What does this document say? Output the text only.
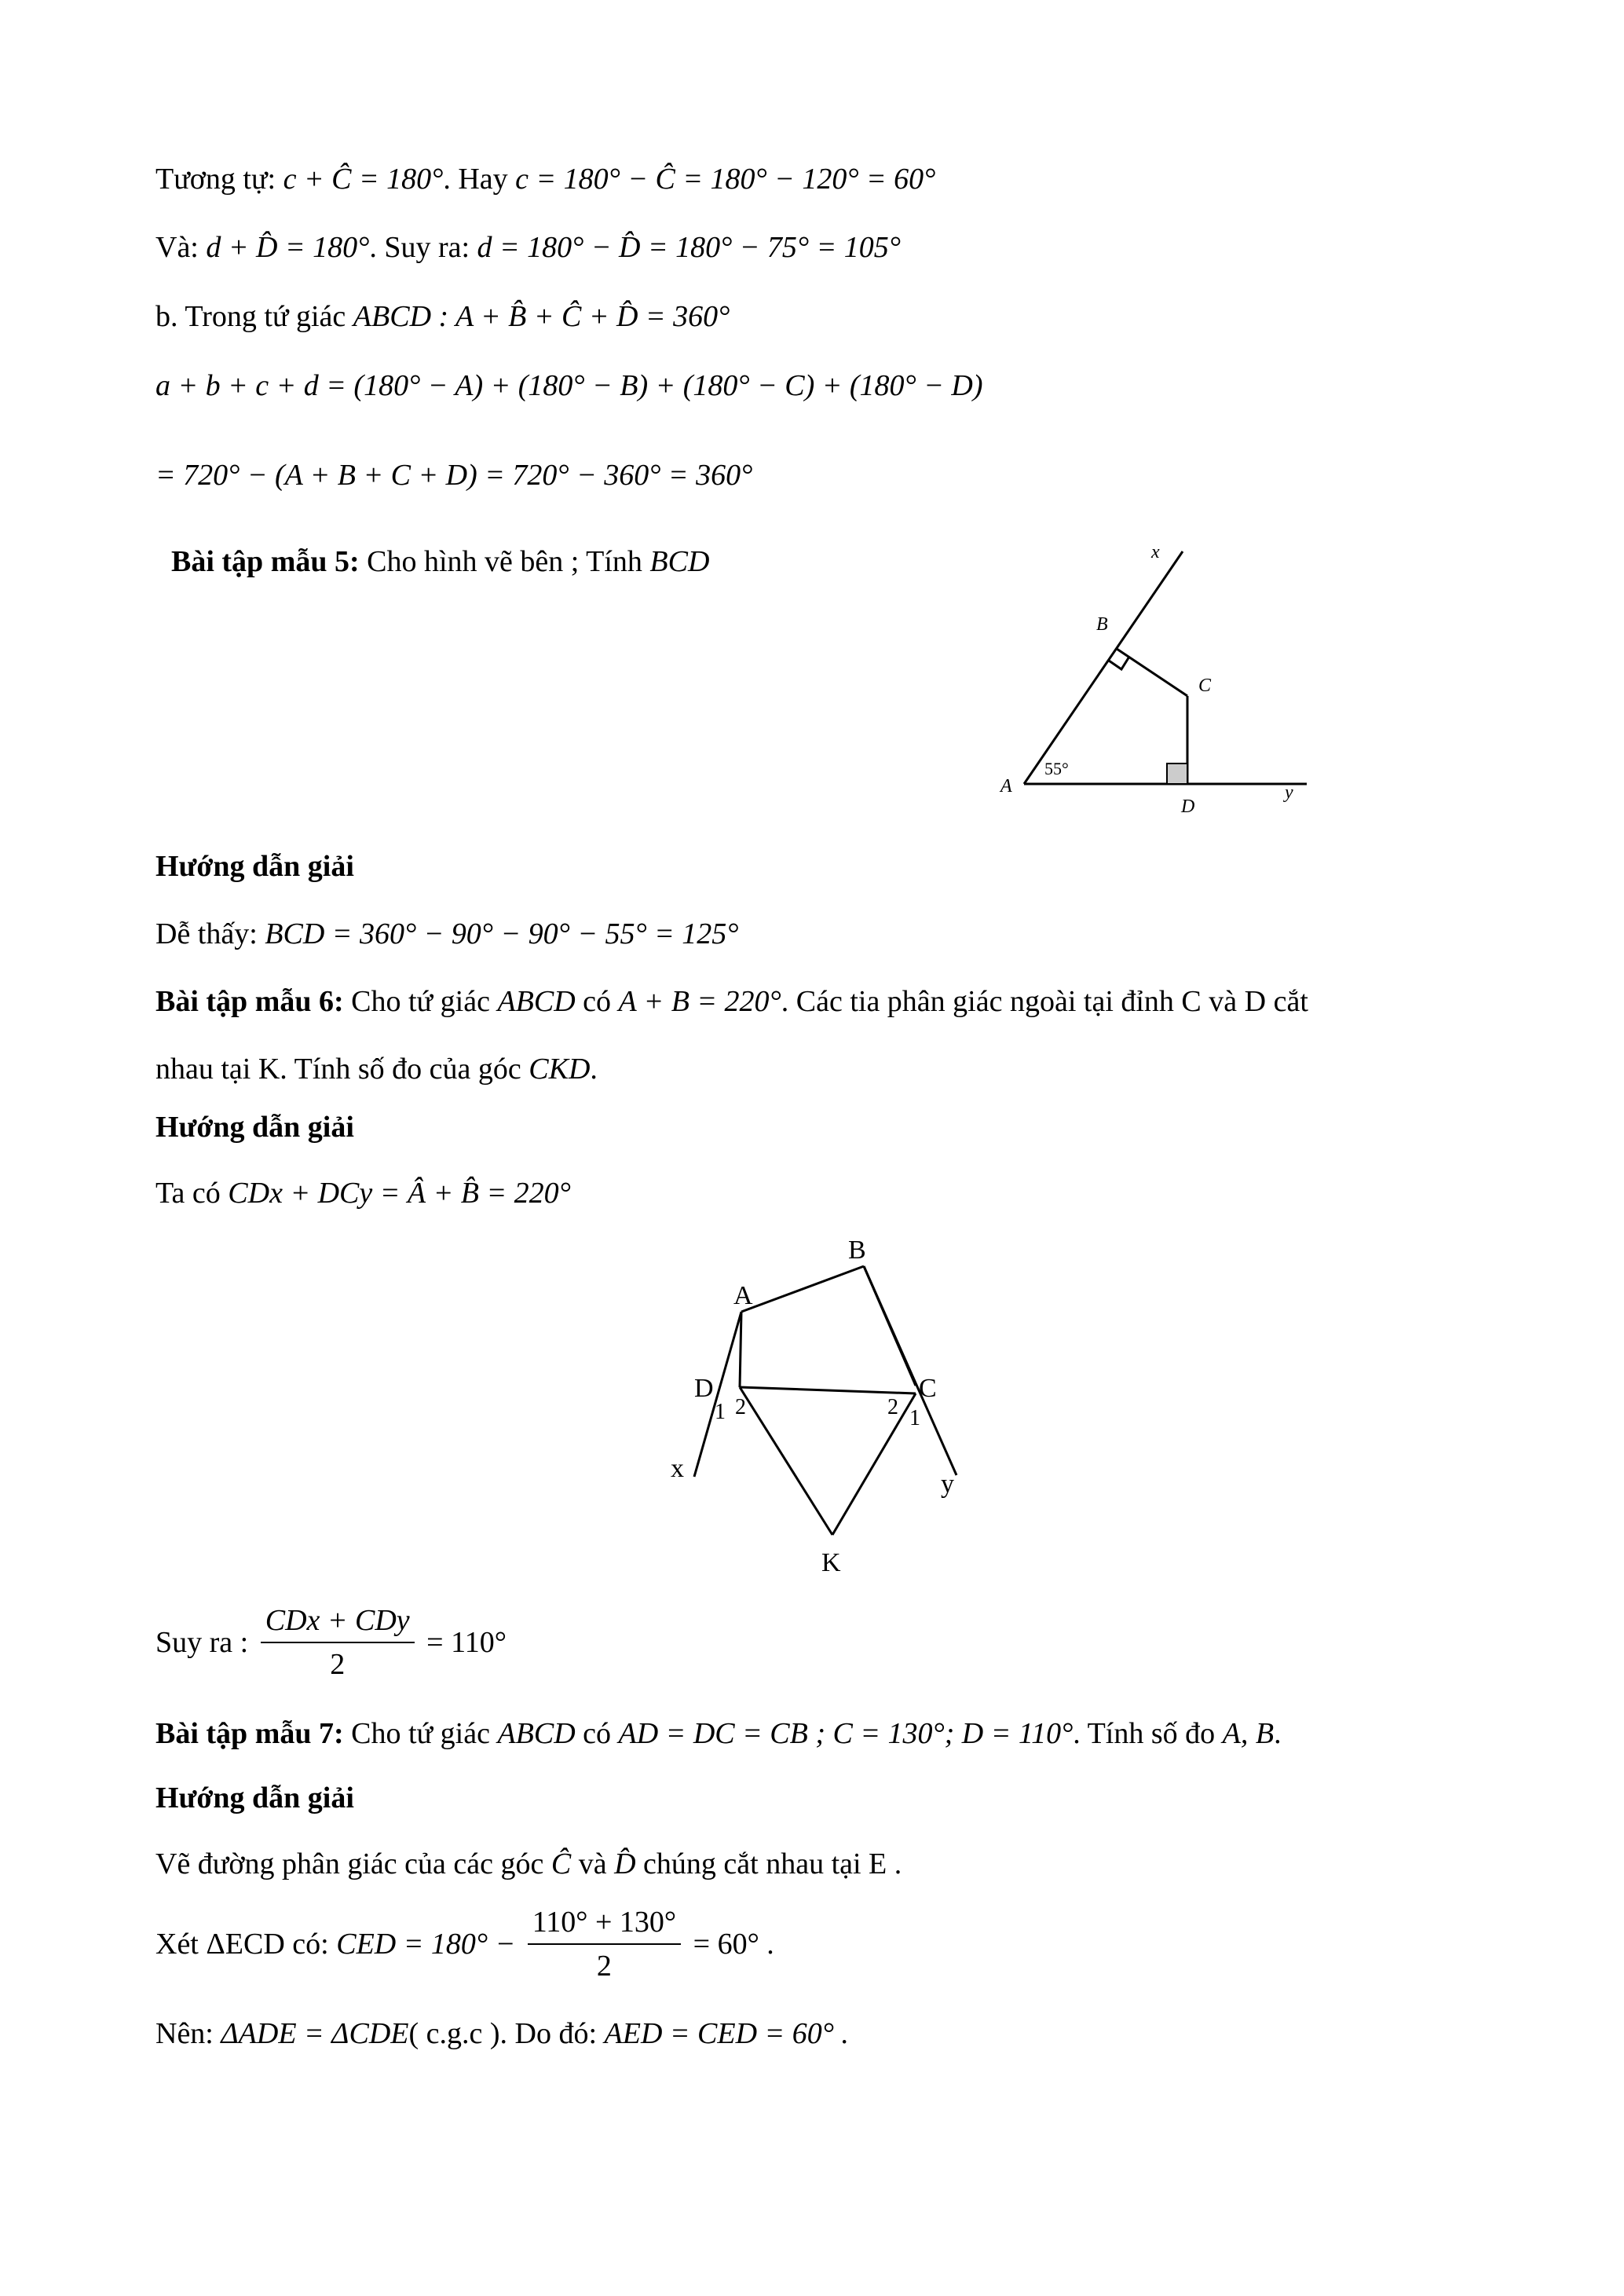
Tương tự: c + Ĉ = 180°. Hay c = 180° − Ĉ = 180° − 120° = 60°
Và: d + D̂ = 180°. Suy ra: d = 180° − D̂ = 180° − 75° = 105°
b. Trong tứ giác ABCD : A + B̂ + Ĉ + D̂ = 360°
a + b + c + d = (180° − A) + (180° − B) + (180° − C) + (180° − D)
= 720° − (A + B + C + D) = 720° − 360° = 360°
Bài tập mẫu 5: Cho hình vẽ bên ; Tính BCD	x
B
C
A
55°
D
y
Hướng dẫn giải
Dễ thấy: BCD = 360° − 90° − 90° − 55° = 125°
Bài tập mẫu 6: Cho tứ giác ABCD có A + B = 220°. Các tia phân giác ngoài tại đỉnh C và D cắt
nhau tại K. Tính số đo của góc CKD.
Hướng dẫn giải
Ta có CDx + DCy = Â + B̂ = 220°
A
B
D	C
1 2	2 1
x
y
K
Suy ra : $\frac{\text{CDx + CDy}}{2} = 110^\circ$
Bài tập mẫu 7: Cho tứ giác ABCD có AD = DC = CB ; C = 130°; D = 110°. Tính số đo A, B.
Hướng dẫn giải
Vẽ đường phân giác của các góc Ĉ và D̂ chúng cắt nhau tại E .
Xét ΔECD có: CED = $180^\circ - \frac{110^\circ + 130^\circ}{2} = 60^\circ$ .
Nên: ΔADE = ΔCDE( c.g.c ). Do đó: AED = CED = 60° .
